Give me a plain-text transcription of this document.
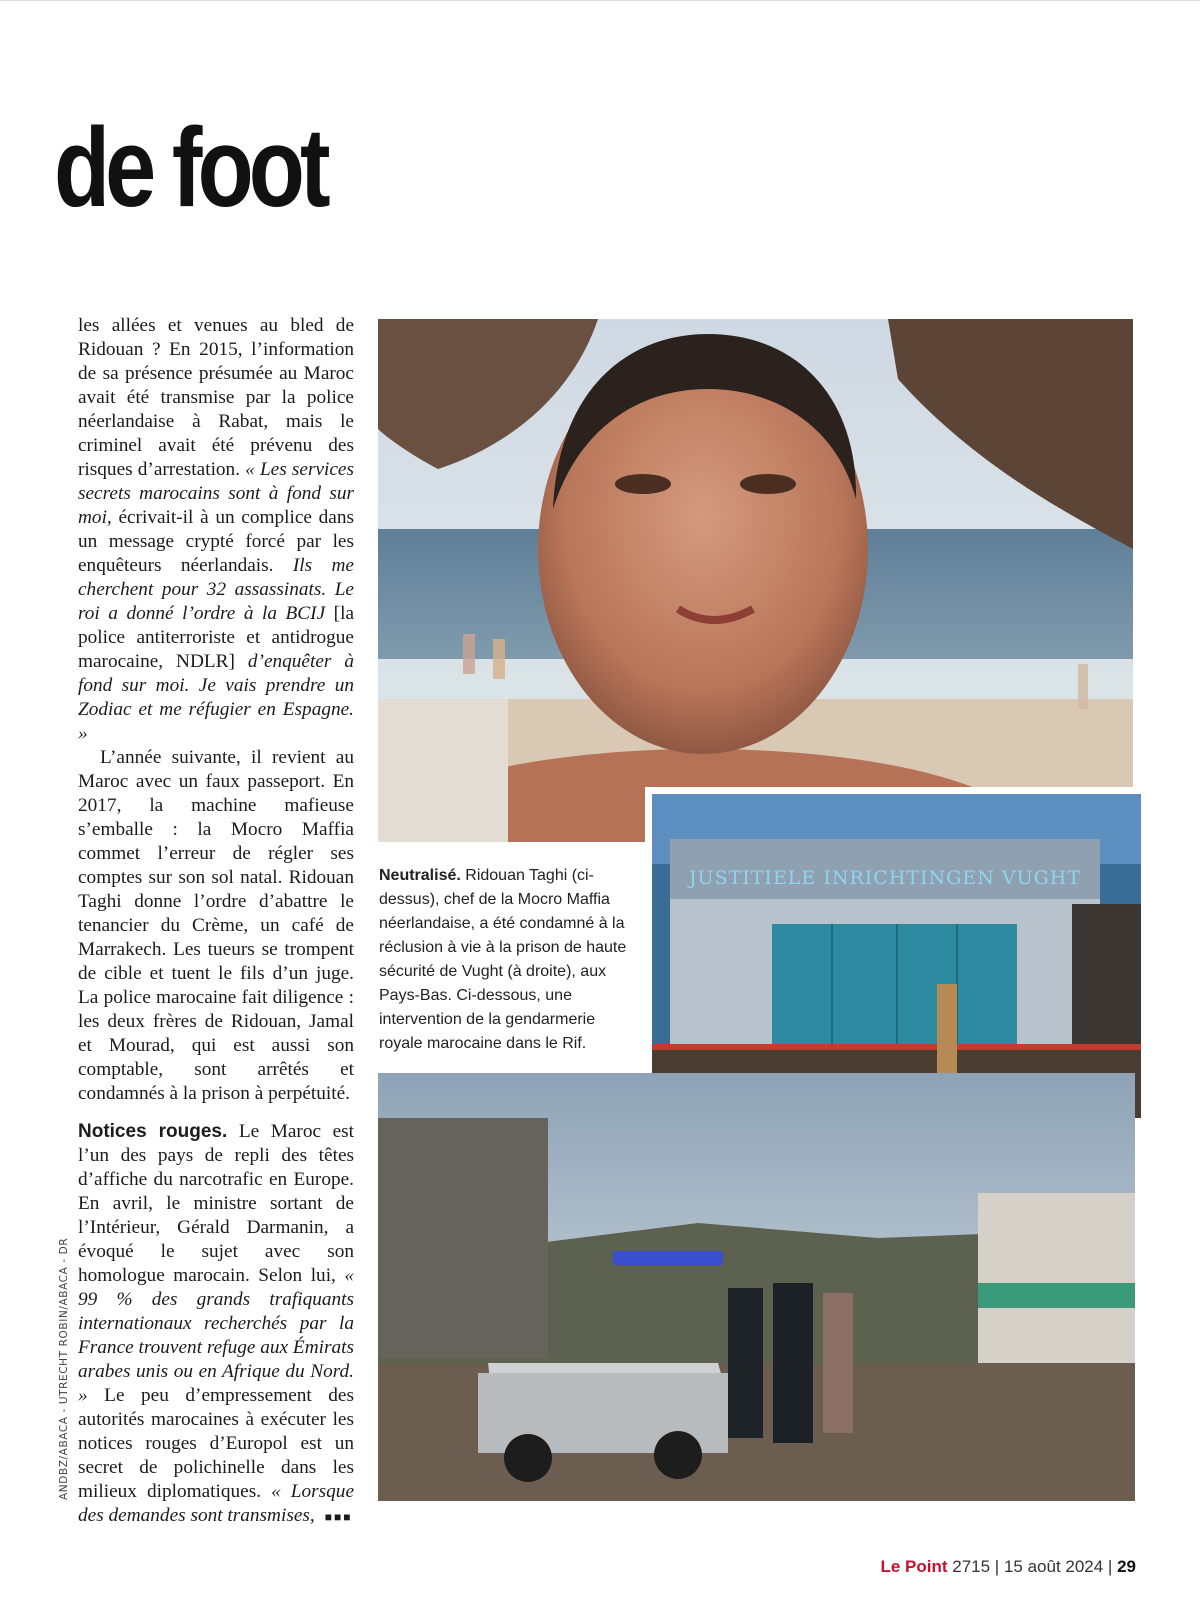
de foot

les allées et venues au bled de Ridouan ? En 2015, l’information de sa présence présumée au Maroc avait été transmise par la police néerlandaise à Rabat, mais le criminel avait été prévenu des risques d’arrestation. « Les services secrets marocains sont à fond sur moi, écrivait-il à un complice dans un message crypté forcé par les enquêteurs néerlandais. Ils me cherchent pour 32 assassinats. Le roi a donné l’ordre à la BCIJ [la police antiterroriste et antidrogue marocaine, NDLR] d’enquêter à fond sur moi. Je vais prendre un Zodiac et me réfugier en Espagne. »

L’année suivante, il revient au Maroc avec un faux passeport. En 2017, la machine mafieuse s’emballe : la Mocro Maffia commet l’erreur de régler ses comptes sur son sol natal. Ridouan Taghi donne l’ordre d’abattre le tenancier du Crème, un café de Marrakech. Les tueurs se trompent de cible et tuent le fils d’un juge. La police marocaine fait diligence : les deux frères de Ridouan, Jamal et Mourad, qui est aussi son comptable, sont arrêtés et condamnés à la prison à perpétuité.

Notices rouges. Le Maroc est l’un des pays de repli des têtes d’affiche du narcotrafic en Europe. En avril, le ministre sortant de l’Intérieur, Gérald Darmanin, a évoqué le sujet avec son homologue marocain. Selon lui, « 99 % des grands trafiquants internationaux recherchés par la France trouvent refuge aux Émirats arabes unis ou en Afrique du Nord. » Le peu d’empressement des autorités marocaines à exécuter les notices rouges d’Europol est un secret de polichinelle dans les milieux diplomatiques. « Lorsque des demandes sont transmises, ■■■

ANDBZ/ABACA - UTRECHT ROBIN/ABACA - DR
JUSTITIELE INRICHTINGEN VUGHT
Neutralisé. Ridouan Taghi (ci-dessus), chef de la Mocro Maffia néerlandaise, a été condamné à la réclusion à vie à la prison de haute sécurité de Vught (à droite), aux Pays-Bas. Ci-dessous, une intervention de la gendarmerie royale marocaine dans le Rif.
Le Point 2715 | 15 août 2024 | 29
